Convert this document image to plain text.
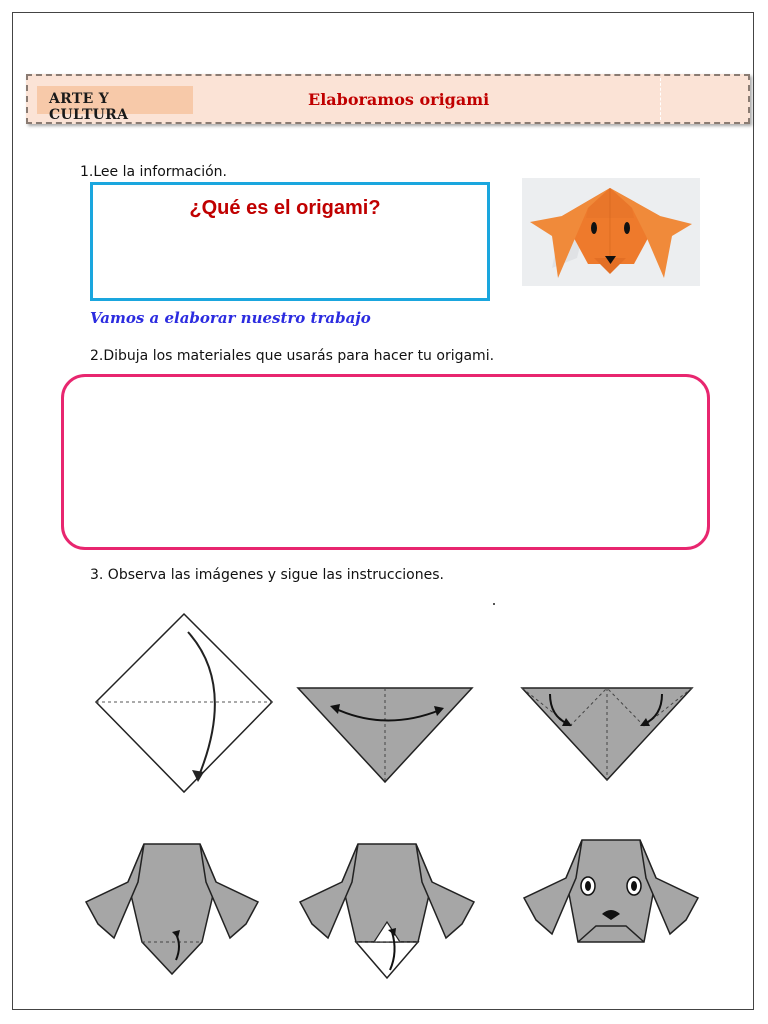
ARTE Y CULTURA
Elaboramos origami
1.Lee la información.
¿Qué es el origami?
Vamos a elaborar nuestro trabajo
2.Dibuja los materiales que usarás para hacer tu origami.
3. Observa las imágenes y sigue las instrucciones.
